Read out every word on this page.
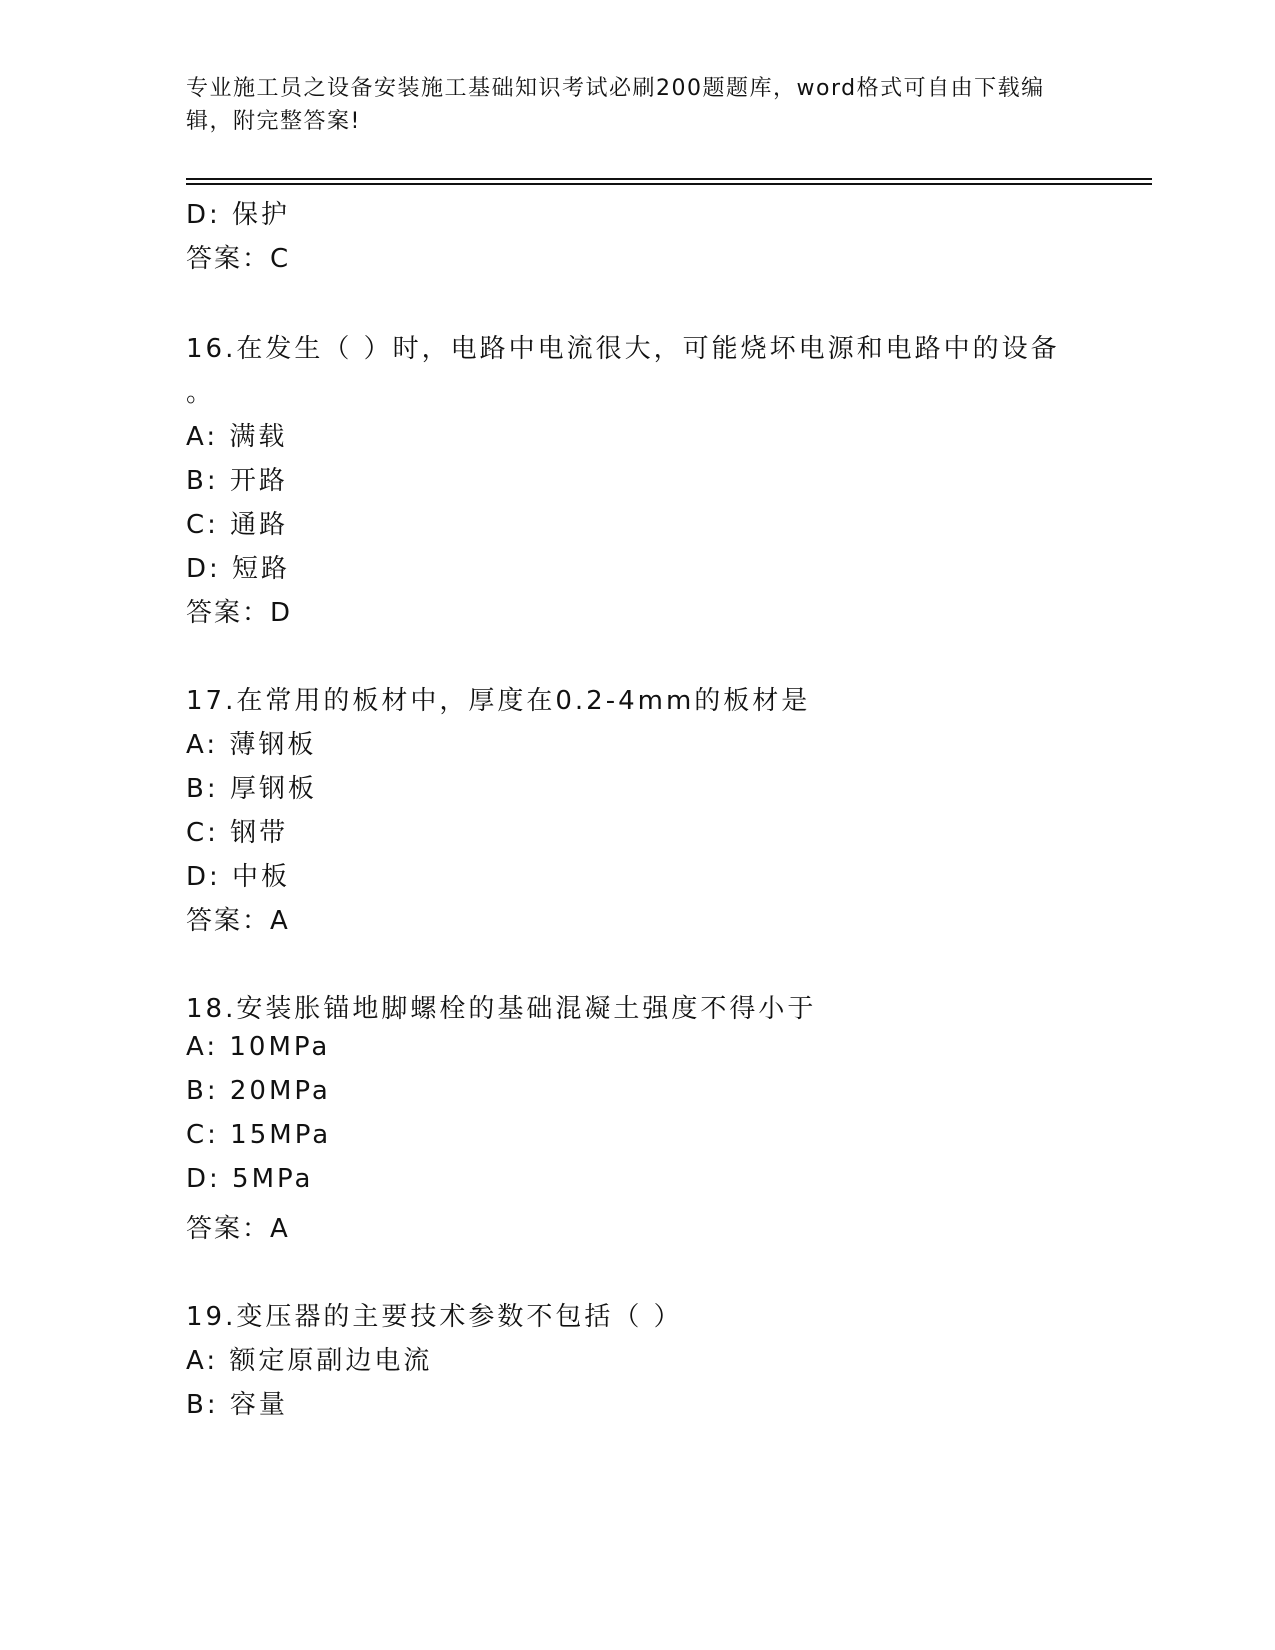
专业施工员之设备安装施工基础知识考试必刷200题题库，word格式可自由下载编辑，附完整答案!
D: 保护
答案：C
16.在发生（ ）时，电路中电流很大，可能烧坏电源和电路中的设备
。
A: 满载
B: 开路
C: 通路
D: 短路
答案：D
17.在常用的板材中，厚度在0.2-4mm的板材是
A: 薄钢板
B: 厚钢板
C: 钢带
D: 中板
答案：A
18.安装胀锚地脚螺栓的基础混凝土强度不得小于
A: 10MPa
B: 20MPa
C: 15MPa
D: 5MPa
答案：A
19.变压器的主要技术参数不包括（ ）
A: 额定原副边电流
B: 容量
